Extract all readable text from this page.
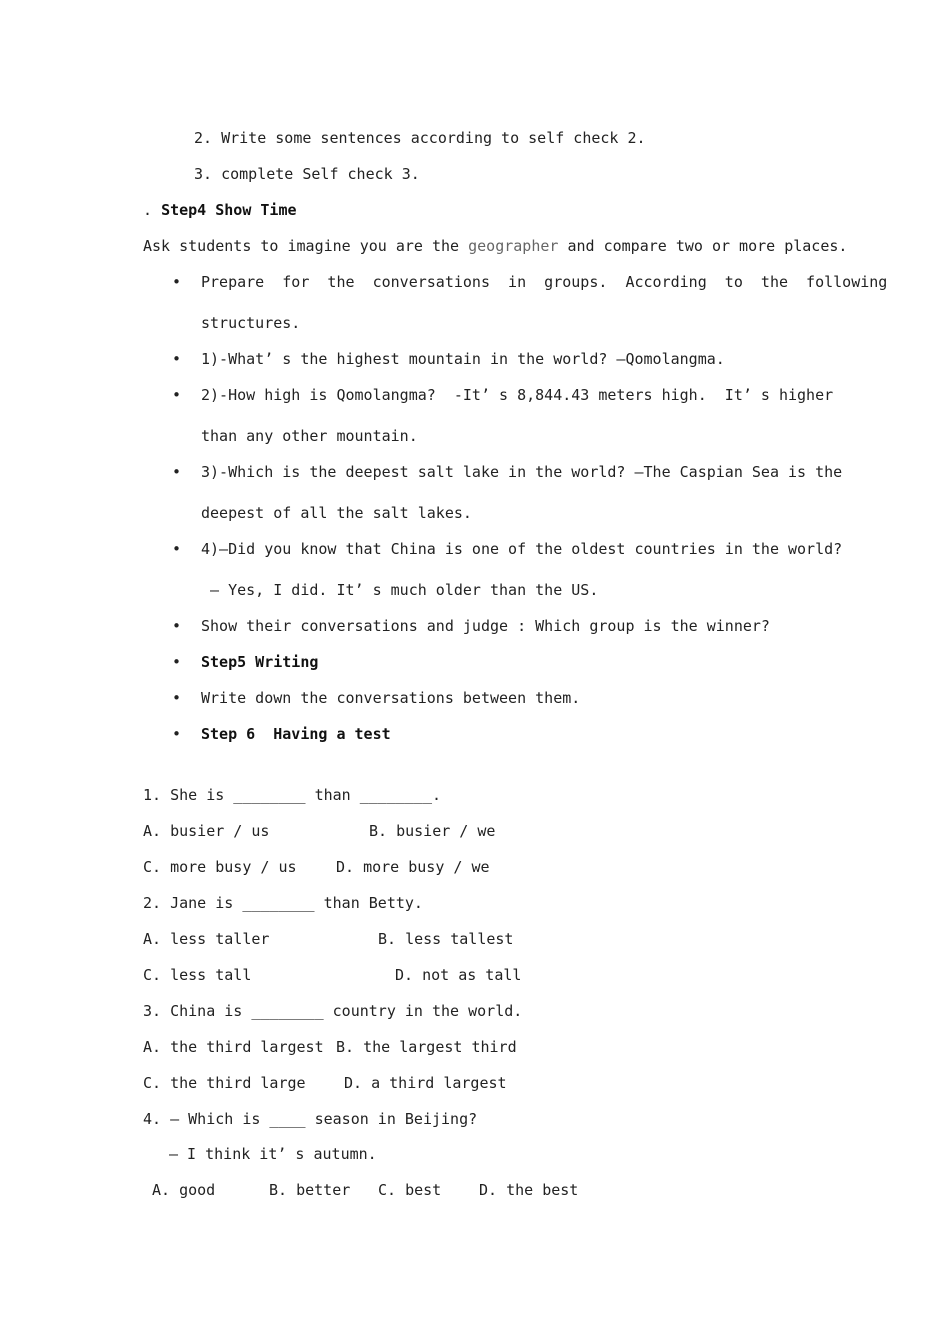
2. Write some sentences according to self check 2.
3. complete Self check 3.
. Step4 Show Time
Ask students to imagine you are the geographer and compare two or more places.
• Prepare  for  the  conversations  in  groups.  According  to  the  following
structures.
• 1)-What’ s the highest mountain in the world? –Qomolangma.
• 2)-How high is Qomolangma?  -It’ s 8,844.43 meters high.  It’ s higher
than any other mountain.
• 3)-Which is the deepest salt lake in the world? –The Caspian Sea is the
deepest of all the salt lakes.
• 4)—Did you know that China is one of the oldest countries in the world?
– Yes, I did. It’ s much older than the US.
• Show their conversations and judge : Which group is the winner?
• Step5 Writing
• Write down the conversations between them.
• Step 6  Having a test
1. She is ________ than ________.
A. busier / us	B. busier / we
C. more busy / us	D. more busy / we
2. Jane is ________ than Betty.
A. less taller	B. less tallest
C. less tall	D. not as tall
3. China is ________ country in the world.
A. the third largest B. the largest third
C. the third large	D. a third largest
4. — Which is ____ season in Beijing?
— I think it’ s autumn.
A. good	B. better C. best	D. the best
